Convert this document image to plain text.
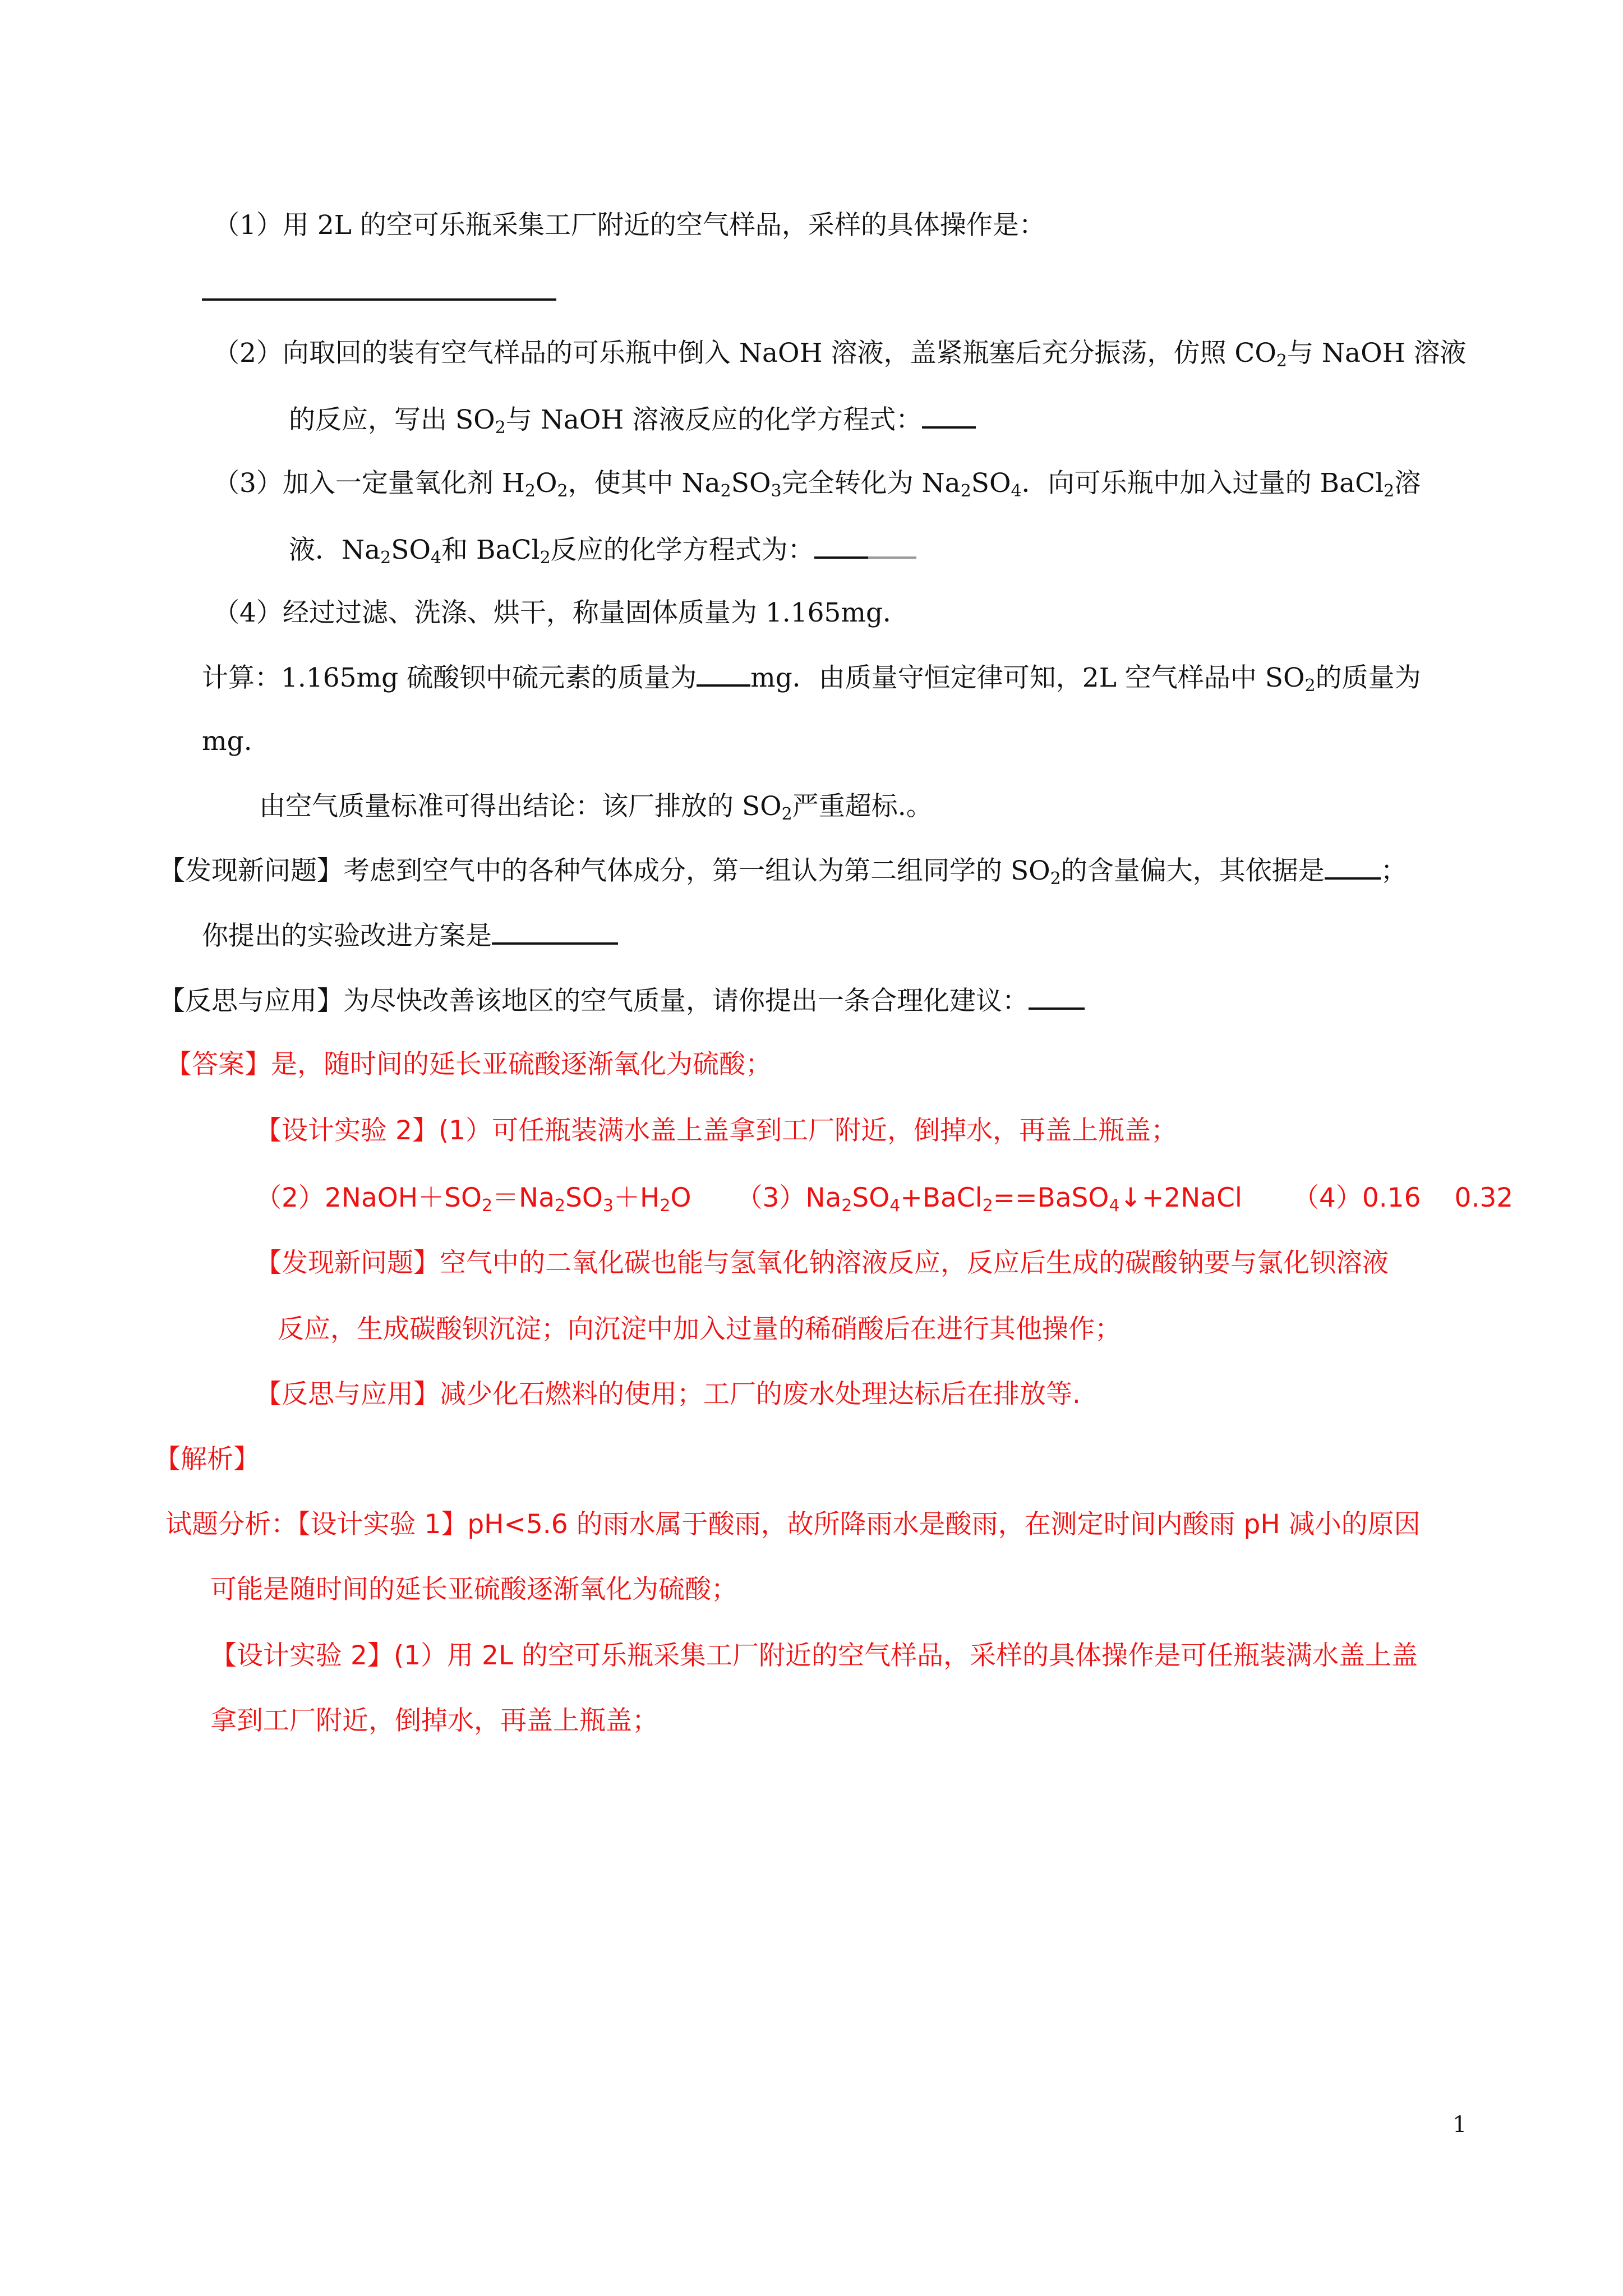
（1）用 2L 的空可乐瓶采集工厂附近的空气样品，采样的具体操作是：
（2）向取回的装有空气样品的可乐瓶中倒入 NaOH 溶液，盖紧瓶塞后充分振荡，仿照 $CO_2$与 NaOH 溶液
的反应，写出 $SO_2$与 NaOH 溶液反应的化学方程式：
（3）加入一定量氧化剂 $H_2O_2$，使其中 $Na_2SO_3$完全转化为 $Na_2SO_4$．向可乐瓶中加入过量的 BaCl$_2$溶
液．$Na_2SO_4$和 BaCl$_2$反应的化学方程式为：
（4）经过过滤、洗涤、烘干，称量固体质量为 1.165mg．
计算：1.165mg 硫酸钡中硫元素的质量为 mg．由质量守恒定律可知，2L 空气样品中 $SO_2$的质量为
mg.
由空气质量标准可得出结论：该厂排放的 $SO_2$严重超标.。
【发现新问题】考虑到空气中的各种气体成分，第一组认为第二组同学的 $SO_2$的含量偏大，其依据是 ；
你提出的实验改进方案是
【反思与应用】为尽快改善该地区的空气质量，请你提出一条合理化建议：
【答案】是，随时间的延长亚硫酸逐渐氧化为硫酸；
【设计实验 2】(1）可任瓶装满水盖上盖拿到工厂附近，倒掉水，再盖上瓶盖；
$(2)2NaOH+SO_2=Na_2SO_3+H_2O$ $(3)Na_2SO_4+BaCl_2==BaSO_4↓+2NaCl$ （4）0.16 0.32
【发现新问题】空气中的二氧化碳也能与氢氧化钠溶液反应，反应后生成的碳酸钠要与氯化钡溶液
反应，生成碳酸钡沉淀；向沉淀中加入过量的稀硝酸后在进行其他操作；
【反思与应用】减少化石燃料的使用；工厂的废水处理达标后在排放等.
【解析】
试题分析：【设计实验 1】pH<5.6 的雨水属于酸雨，故所降雨水是酸雨，在测定时间内酸雨 pH 减小的原因
可能是随时间的延长亚硫酸逐渐氧化为硫酸；
【设计实验 2】(1）用 2L 的空可乐瓶采集工厂附近的空气样品，采样的具体操作是可任瓶装满水盖上盖
拿到工厂附近，倒掉水，再盖上瓶盖；
1
